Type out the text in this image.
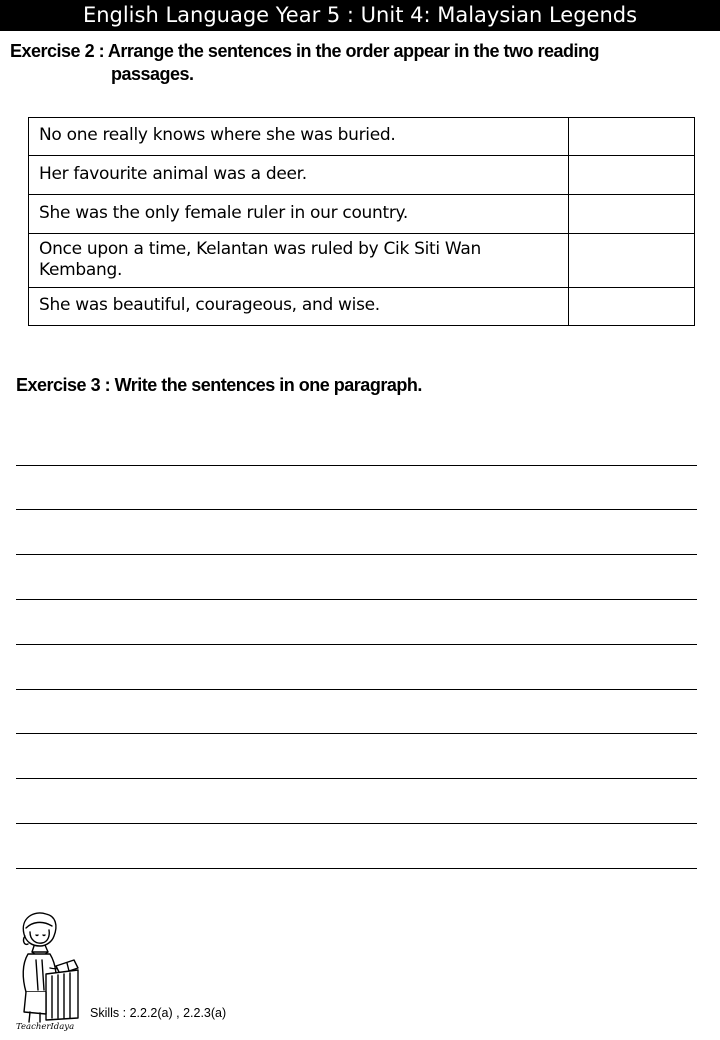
English Language Year 5 : Unit 4: Malaysian Legends
Exercise 2 : Arrange the sentences in the order appear in the two reading
passages.
No one really knows where she was buried.	
Her favourite animal was a deer.	
She was the only female ruler in our country.	
Once upon a time, Kelantan was ruled by Cik Siti Wan Kembang.	
She was beautiful, courageous, and wise.	
Exercise 3 : Write the sentences in one paragraph.
TeacherIdaya
Skills : 2.2.2(a) , 2.2.3(a)
